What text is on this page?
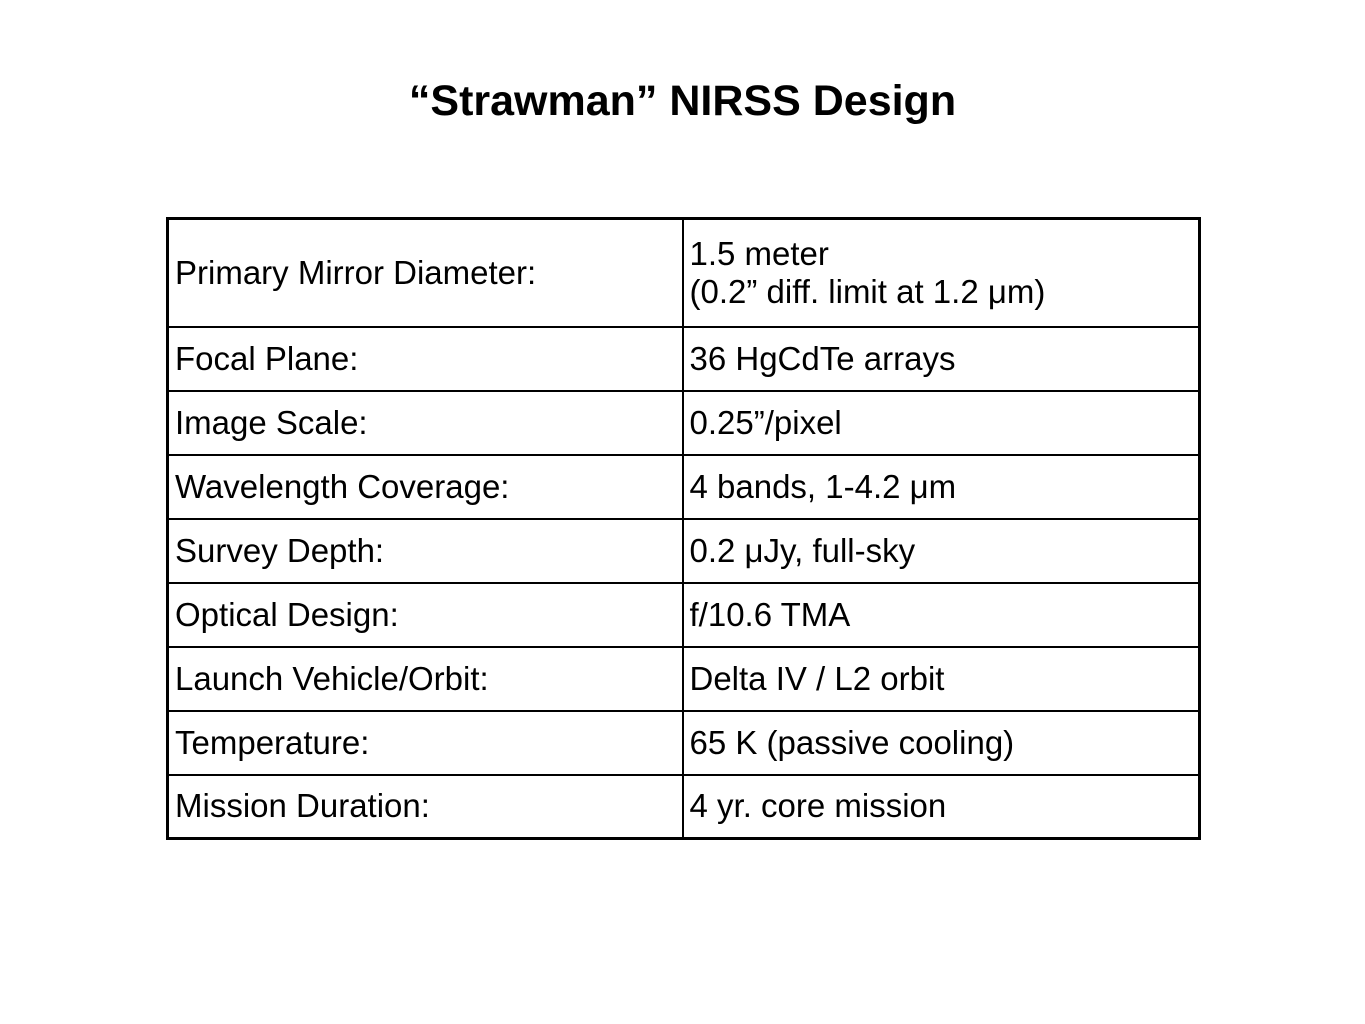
“Strawman” NIRSS Design
Primary Mirror Diameter:	1.5 meter
(0.2” diff. limit at 1.2 μm)

Focal Plane:	36 HgCdTe arrays
Image Scale:	0.25”/pixel
Wavelength Coverage:	4 bands, 1-4.2 μm
Survey Depth:	0.2 μJy, full-sky
Optical Design:	f/10.6 TMA
Launch Vehicle/Orbit:	Delta IV / L2 orbit
Temperature:	65 K (passive cooling)
Mission Duration:	4 yr. core mission
